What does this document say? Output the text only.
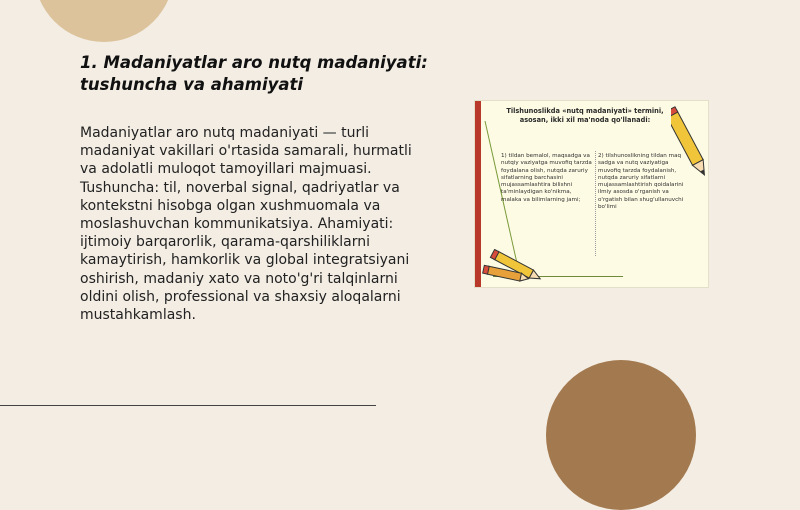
1. Madaniyatlar aro nutq madaniyati: tushuncha va ahamiyati
Madaniyatlar aro nutq madaniyati — turli madaniyat vakillari o'rtasida samarali, hurmatli va adolatli muloqot tamoyillari majmuasi. Tushuncha: til, noverbal signal, qadriyatlar va kontekstni hisobga olgan xushmuomala va moslashuvchan kommunikatsiya. Ahamiyati: ijtimoiy barqarorlik, qarama-qarshiliklarni kamaytirish, hamkorlik va global integratsiyani oshirish, madaniy xato va noto'g'ri talqinlarni oldini olish, professional va shaxsiy aloqalarni mustahkamlash.
Tilshunoslikda «nutq madaniyati» termini, asosan, ikki xil ma'noda qo'llanadi:
1) tildan bemalol, maqsadga va nutqiy vaziyatga muvofiq tarzda foydalana olish, nutqda zaruriy sifatlarning barchasini mujassamlashtira bilishni ta'minlaydigan ko'nikma, malaka va bilimlarning jami;
2) tilshunoslikning tildan maq sadga va nutq vaziyatiga muvofiq tarzda foydalanish, nutqda zaruriy sifatlarni mujassamlashtirish qoidalarini ilmiy asosda o'rganish va o'rgatish bilan shug'ullanuvchi bo'limi
